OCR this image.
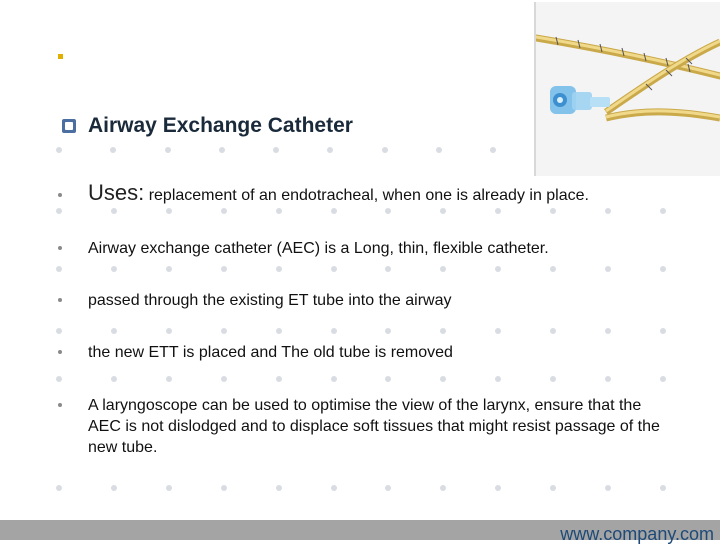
Airway Exchange Catheter
Uses: replacement of an endotracheal, when one is already in place.
Airway exchange catheter (AEC) is a Long, thin, flexible catheter.
passed through the existing ET tube into the airway
the new ETT is placed and The old tube is removed
A laryngoscope can be used to optimise the view of the larynx, ensure that the AEC is not dislodged and to displace soft tissues that might resist passage of the new tube.
www.company.com
